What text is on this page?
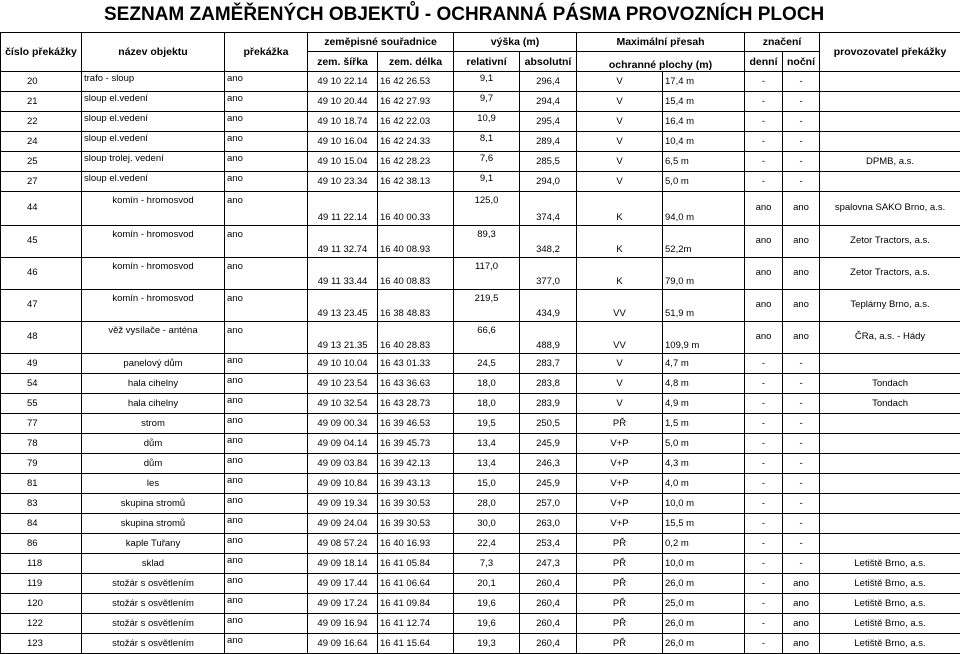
SEZNAM ZAMĚŘENÝCH OBJEKTŮ - OCHRANNÁ PÁSMA PROVOZNÍCH PLOCH
číslo překážky	název objektu	překážka	zeměpisné souřadnice		výška (m)		Maximální přesah		značení		provozovatel překážky
			zem. šířka	zem. délka	relativní	absolutní	ochranné plochy (m)		denní	noční	
20	trafo - sloup	ano	49 10 22.14	16 42 26.53	9,1	296,4	V	17,4 m	-	-	
21	sloup el.vedení	ano	49 10 20.44	16 42 27.93	9,7	294,4	V	15,4 m	-	-	
22	sloup el.vedení	ano	49 10 18.74	16 42 22.03	10,9	295,4	V	16,4 m	-	-	
24	sloup el.vedení	ano	49 10 16.04	16 42 24.33	8,1	289,4	V	10,4 m	-	-	
25	sloup trolej. vedení	ano	49 10 15.04	16 42 28.23	7,6	285,5	V	6,5 m	-	-	DPMB, a.s.
27	sloup el.vedení	ano	49 10 23.34	16 42 38.13	9,1	294,0	V	5,0 m	-	-	
44	komín - hromosvod	ano	49 11 22.14	16 40 00.33	125,0	374,4	K	94,0 m	ano	ano	spalovna SAKO Brno, a.s.
45	komín - hromosvod	ano	49 11 32.74	16 40 08.93	89,3	348,2	K	52,2m	ano	ano	Zetor Tractors, a.s.
46	komín - hromosvod	ano	49 11 33.44	16 40 08.83	117,0	377,0	K	79,0 m	ano	ano	Zetor Tractors, a.s.
47	komín - hromosvod	ano	49 13 23.45	16 38 48.83	219,5	434,9	VV	51,9 m	ano	ano	Teplárny Brno, a.s.
48	věž vysílače - anténa	ano	49 13 21.35	16 40 28.83	66,6	488,9	VV	109,9 m	ano	ano	ČRa, a.s. - Hády
49	panelový dům	ano	49 10 10.04	16 43 01.33	24,5	283,7	V	4,7 m	-	-	
54	hala cihelny	ano	49 10 23.54	16 43 36.63	18,0	283,8	V	4,8 m	-	-	Tondach
55	hala cihelny	ano	49 10 32.54	16 43 28.73	18,0	283,9	V	4,9 m	-	-	Tondach
77	strom	ano	49 09 00.34	16 39 46.53	19,5	250,5	PŘ	1,5 m	-	-	
78	dům	ano	49 09 04.14	16 39 45.73	13,4	245,9	V+P	5,0 m	-	-	
79	dům	ano	49 09 03.84	16 39 42.13	13,4	246,3	V+P	4,3 m	-	-	
81	les	ano	49 09 10.84	16 39 43.13	15,0	245,9	V+P	4,0 m	-	-	
83	skupina stromů	ano	49 09 19.34	16 39 30.53	28,0	257,0	V+P	10,0 m	-	-	
84	skupina stromů	ano	49 09 24.04	16 39 30.53	30,0	263,0	V+P	15,5 m	-	-	
86	kaple Tuřany	ano	49 08 57.24	16 40 16.93	22,4	253,4	PŘ	0,2 m	-	-	
118	sklad	ano	49 09 18.14	16 41 05.84	7,3	247,3	PŘ	10,0 m	-	-	Letiště Brno, a.s.
119	stožár s osvětlením	ano	49 09 17.44	16 41 06.64	20,1	260,4	PŘ	26,0 m	-	ano	Letiště Brno, a.s.
120	stožár s osvětlením	ano	49 09 17.24	16 41 09.84	19,6	260,4	PŘ	25,0 m	-	ano	Letiště Brno, a.s.
122	stožár s osvětlením	ano	49 09 16.94	16 41 12.74	19,6	260,4	PŘ	26,0 m	-	ano	Letiště Brno, a.s.
123	stožár s osvětlením	ano	49 09 16.64	16 41 15.64	19,3	260,4	PŘ	26,0 m	-	ano	Letiště Brno, a.s.
